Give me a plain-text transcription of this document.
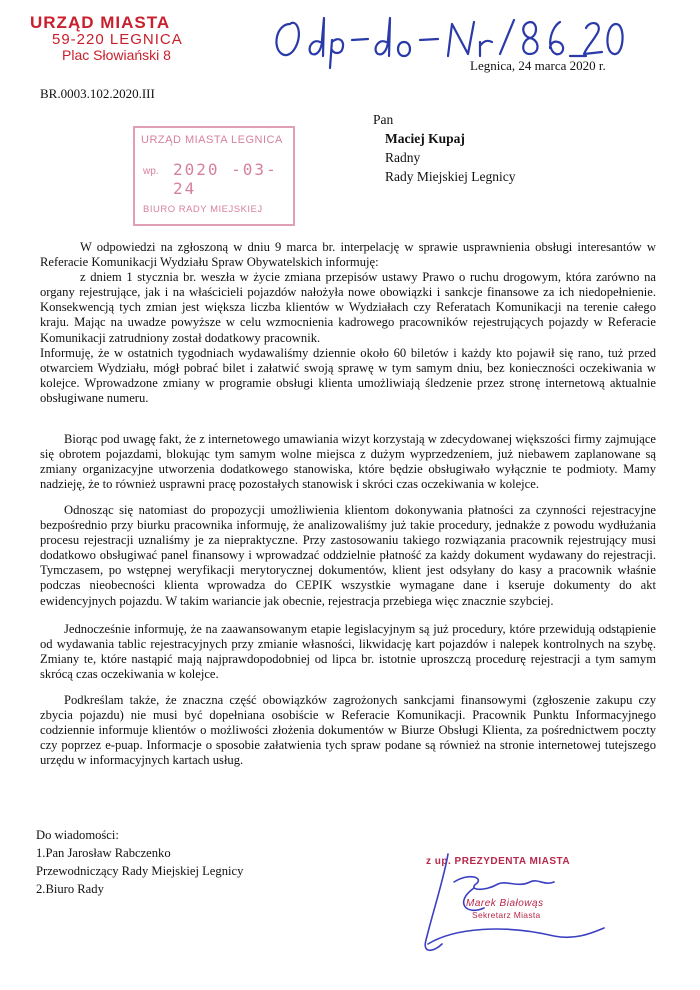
URZĄD MIASTA
59-220 LEGNICA
Plac Słowiański 8
Legnica, 24 marca 2020 r.
BR.0003.102.2020.III
Pan
Maciej Kupaj
Radny
Rady Miejskiej Legnicy
URZĄD MIASTA LEGNICA
wp. 2020 -03- 24
BIURO RADY MIEJSKIEJ

W odpowiedzi na zgłoszoną w dniu 9 marca br. interpelację w sprawie usprawnienia obsługi interesantów w Referacie Komunikacji Wydziału Spraw Obywatelskich informuję:

z dniem 1 stycznia br. weszła w życie zmiana przepisów ustawy Prawo o ruchu drogowym, która zarówno na organy rejestrujące, jak i na właścicieli pojazdów nałożyła nowe obowiązki i sankcje finansowe za ich niedopełnienie. Konsekwencją tych zmian jest większa liczba klientów w Wydziałach czy Referatach Komunikacji na terenie całego kraju. Mając na uwadze powyższe w celu wzmocnienia kadrowego pracowników rejestrujących pojazdy w Referacie Komunikacji zatrudniony został dodatkowy pracownik.

Informuję, że w ostatnich tygodniach wydawaliśmy dziennie około 60 biletów i każdy kto pojawił się rano, tuż przed otwarciem Wydziału, mógł pobrać bilet i załatwić swoją sprawę w tym samym dniu, bez konieczności oczekiwania w kolejce. Wprowadzone zmiany w programie obsługi klienta umożliwiają śledzenie przez stronę internetową aktualnie obsługiwane numeru.

Biorąc pod uwagę fakt, że z internetowego umawiania wizyt korzystają w zdecydowanej większości firmy zajmujące się obrotem pojazdami, blokując tym samym wolne miejsca z dużym wyprzedzeniem, już niebawem zaplanowane są zmiany organizacyjne utworzenia dodatkowego stanowiska, które będzie obsługiwało wyłącznie te podmioty. Mamy nadzieję, że to również usprawni pracę pozostałych stanowisk i skróci czas oczekiwania w kolejce.

Odnosząc się natomiast do propozycji umożliwienia klientom dokonywania płatności za czynności rejestracyjne bezpośrednio przy biurku pracownika informuję, że analizowaliśmy już takie procedury, jednakże z powodu wydłużania procesu rejestracji uznaliśmy je za niepraktyczne. Przy zastosowaniu takiego rozwiązania pracownik rejestrujący musi dodatkowo obsługiwać panel finansowy i wprowadzać oddzielnie płatność za każdy dokument wydawany do rejestracji. Tymczasem, po wstępnej weryfikacji merytorycznej dokumentów, klient jest odsyłany do kasy a pracownik właśnie podczas nieobecności klienta wprowadza do CEPIK wszystkie wymagane dane i kseruje dokumenty do akt ewidencyjnych pojazdu. W takim wariancie jak obecnie, rejestracja przebiega więc znacznie szybciej.

Jednocześnie informuję, że na zaawansowanym etapie legislacyjnym są już procedury, które przewidują odstąpienie od wydawania tablic rejestracyjnych przy zmianie własności, likwidację kart pojazdów i nalepek kontrolnych na szybę. Zmiany te, które nastąpić mają najprawdopodobniej od lipca br. istotnie uproszczą procedurę rejestracji a tym samym skrócą czas oczekiwania w kolejce.

Podkreślam także, że znaczna część obowiązków zagrożonych sankcjami finansowymi (zgłoszenie zakupu czy zbycia pojazdu) nie musi być dopełniana osobiście w Referacie Komunikacji. Pracownik Punktu Informacyjnego codziennie informuje klientów o możliwości złożenia dokumentów w Biurze Obsługi Klienta, za pośrednictwem poczty czy poprzez e-puap. Informacje o sposobie załatwienia tych spraw podane są również na stronie internetowej tutejszego urzędu w informacyjnych kartach usług.

Do wiadomości:
1.Pan Jarosław Rabczenko
Przewodniczący Rady Miejskiej Legnicy
2.Biuro Rady
z up. PREZYDENTA MIASTA
Marek Białowąs
Sekretarz Miasta
